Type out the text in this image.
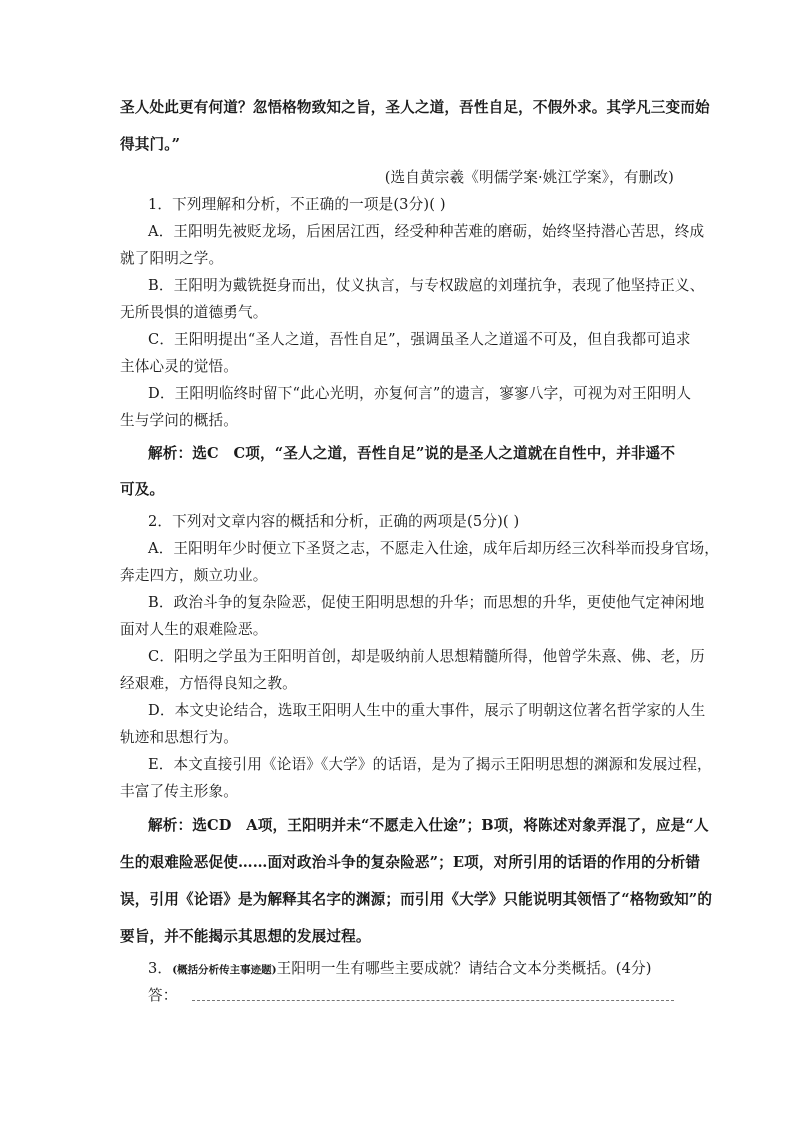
圣人处此更有何道？忽悟格物致知之旨，圣人之道，吾性自足，不假外求。其学凡三变而始
得其门。”
(选自黄宗羲《明儒学案·姚江学案》，有删改)
1．下列理解和分析，不正确的一项是(3分)( )
A．王阳明先被贬龙场，后困居江西，经受种种苦难的磨砺，始终坚持潜心苦思，终成
就了阳明之学。
B．王阳明为戴铣挺身而出，仗义执言，与专权跋扈的刘瑾抗争，表现了他坚持正义、
无所畏惧的道德勇气。
C．王阳明提出“圣人之道，吾性自足”，强调虽圣人之道遥不可及，但自我都可追求
主体心灵的觉悟。
D．王阳明临终时留下“此心光明，亦复何言”的遗言，寥寥八字，可视为对王阳明人
生与学问的概括。
解析：选C　C项，“圣人之道，吾性自足”说的是圣人之道就在自性中，并非遥不
可及。
2．下列对文章内容的概括和分析，正确的两项是(5分)( )
A．王阳明年少时便立下圣贤之志，不愿走入仕途，成年后却历经三次科举而投身官场，
奔走四方，颇立功业。
B．政治斗争的复杂险恶，促使王阳明思想的升华；而思想的升华，更使他气定神闲地
面对人生的艰难险恶。
C．阳明之学虽为王阳明首创，却是吸纳前人思想精髓所得，他曾学朱熹、佛、老，历
经艰难，方悟得良知之教。
D．本文史论结合，选取王阳明人生中的重大事件，展示了明朝这位著名哲学家的人生
轨迹和思想行为。
E．本文直接引用《论语》《大学》的话语，是为了揭示王阳明思想的渊源和发展过程，
丰富了传主形象。
解析：选CD　A项，王阳明并未“不愿走入仕途”；B项，将陈述对象弄混了，应是“人
生的艰难险恶促使……面对政治斗争的复杂险恶”；E项，对所引用的话语的作用的分析错
误，引用《论语》是为解释其名字的渊源；而引用《大学》只能说明其领悟了“格物致知”的
要旨，并不能揭示其思想的发展过程。
3．(概括分析传主事迹题)王阳明一生有哪些主要成就？请结合文本分类概括。(4分)
答：
